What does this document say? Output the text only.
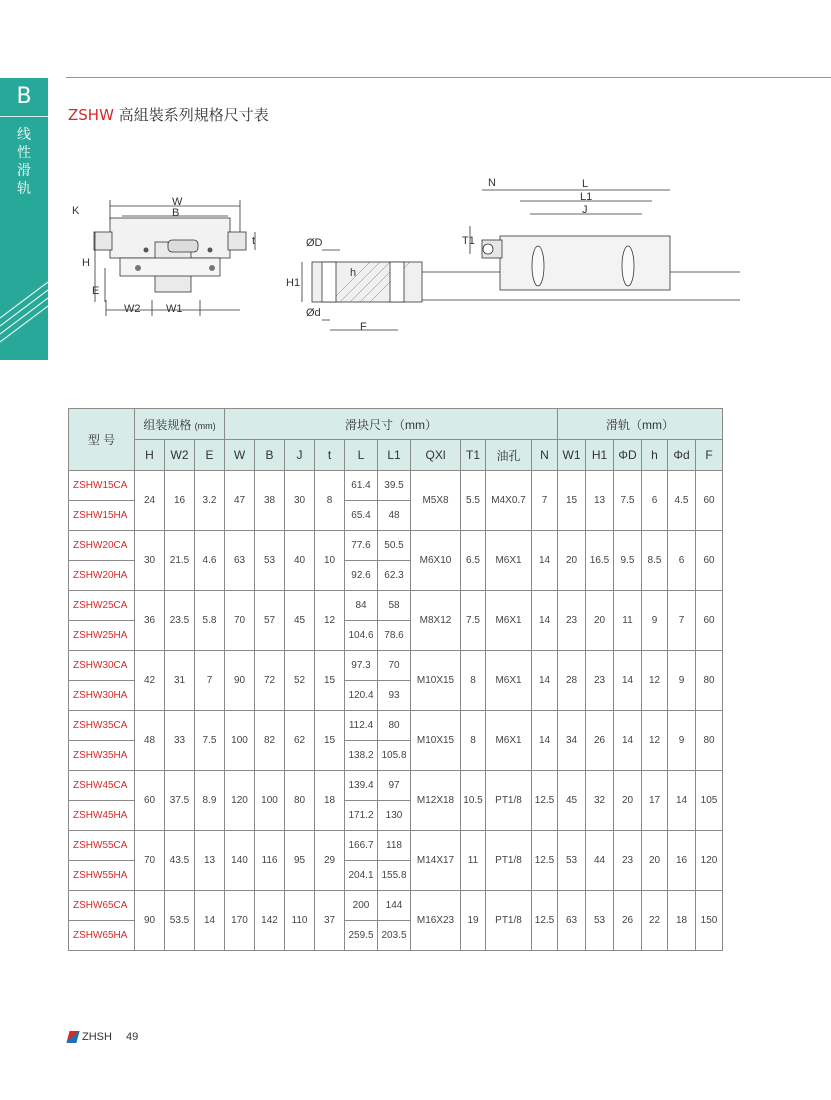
B
线
性
滑
轨
ZSHW 高組裝系列規格尺寸表
W
B
K
t
H
E
W2 W1
ØD
H1
h
Ød
F
N	L
L1
J
T1
型 号	组装规格 (mm)			滑块尺寸（mm）										滑轨（mm）					
	H	W2	E	W	B	J	t	L	L1	QXl	T1	油孔	N	W1	H1	ΦD	h	Φd	F
ZSHW15CA	24	16	3.2	47	38	30	8	61.4	39.5	M5X8	5.5	M4X0.7	7	15	13	7.5	6	4.5	60
ZSHW15HA								65.4	48										
ZSHW20CA	30	21.5	4.6	63	53	40	10	77.6	50.5	M6X10	6.5	M6X1	14	20	16.5	9.5	8.5	6	60
ZSHW20HA								92.6	62.3										
ZSHW25CA	36	23.5	5.8	70	57	45	12	84	58	M8X12	7.5	M6X1	14	23	20	11	9	7	60
ZSHW25HA								104.6	78.6										
ZSHW30CA	42	31	7	90	72	52	15	97.3	70	M10X15	8	M6X1	14	28	23	14	12	9	80
ZSHW30HA								120.4	93										
ZSHW35CA	48	33	7.5	100	82	62	15	112.4	80	M10X15	8	M6X1	14	34	26	14	12	9	80
ZSHW35HA								138.2	105.8										
ZSHW45CA	60	37.5	8.9	120	100	80	18	139.4	97	M12X18	10.5	PT1/8	12.5	45	32	20	17	14	105
ZSHW45HA								171.2	130										
ZSHW55CA	70	43.5	13	140	116	95	29	166.7	118	M14X17	11	PT1/8	12.5	53	44	23	20	16	120
ZSHW55HA								204.1	155.8										
ZSHW65CA	90	53.5	14	170	142	110	37	200	144	M16X23	19	PT1/8	12.5	63	53	26	22	18	150
ZSHW65HA								259.5	203.5										
ZHSH 49
